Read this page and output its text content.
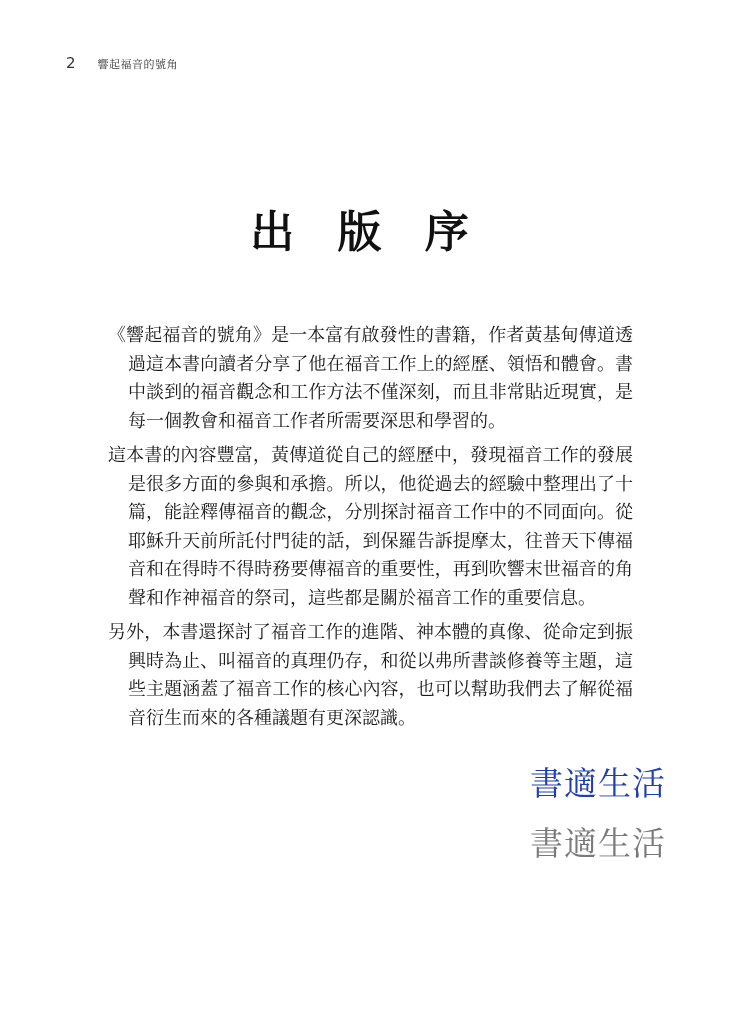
2 響起福音的號角
出 版 序

《響起福音的號角》是一本富有啟發性的書籍，作者黃基甸傳道透過這本書向讀者分享了他在福音工作上的經歷、領悟和體會。書中談到的福音觀念和工作方法不僅深刻，而且非常貼近現實，是每一個教會和福音工作者所需要深思和學習的。

這本書的內容豐富，黃傳道從自己的經歷中，發現福音工作的發展是很多方面的參與和承擔。所以，他從過去的經驗中整理出了十篇，能詮釋傳福音的觀念，分別探討福音工作中的不同面向。從耶穌升天前所託付門徒的話，到保羅告訴提摩太，往普天下傳福音和在得時不得時務要傳福音的重要性，再到吹響末世福音的角聲和作神福音的祭司，這些都是關於福音工作的重要信息。

另外，本書還探討了福音工作的進階、神本體的真像、從命定到振興時為止、叫福音的真理仍存，和從以弗所書談修養等主題，這些主題涵蓋了福音工作的核心內容，也可以幫助我們去了解從福音衍生而來的各種議題有更深認識。

書適生活
書適生活
